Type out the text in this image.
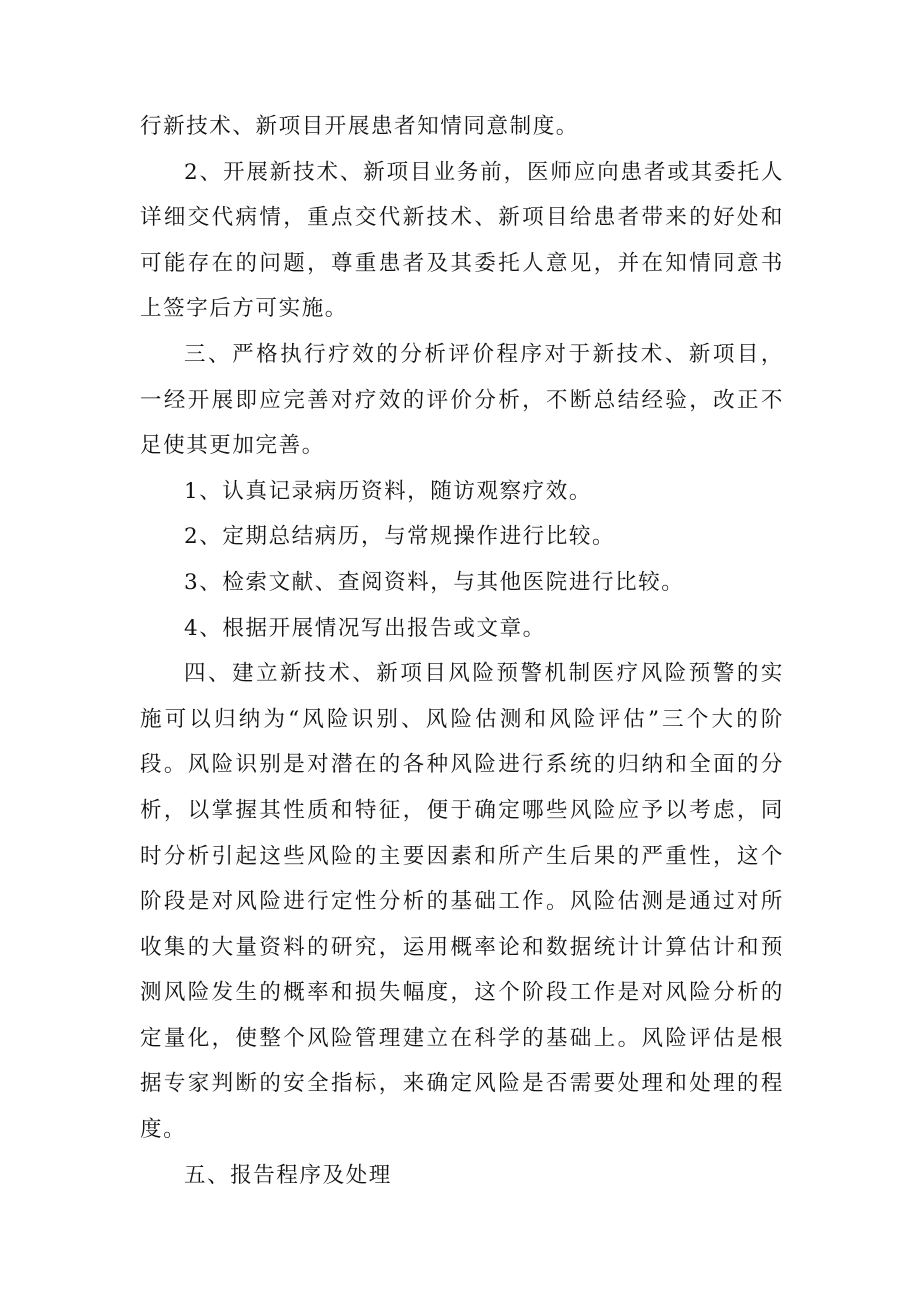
行新技术、新项目开展患者知情同意制度。

2、开展新技术、新项目业务前，医师应向患者或其委托人详细交代病情，重点交代新技术、新项目给患者带来的好处和可能存在的问题，尊重患者及其委托人意见，并在知情同意书上签字后方可实施。

三、严格执行疗效的分析评价程序对于新技术、新项目，一经开展即应完善对疗效的评价分析，不断总结经验，改正不足使其更加完善。

1、认真记录病历资料，随访观察疗效。

2、定期总结病历，与常规操作进行比较。

3、检索文献、查阅资料，与其他医院进行比较。

4、根据开展情况写出报告或文章。

四、建立新技术、新项目风险预警机制医疗风险预警的实施可以归纳为“风险识别、风险估测和风险评估”三个大的阶段。风险识别是对潜在的各种风险进行系统的归纳和全面的分析，以掌握其性质和特征，便于确定哪些风险应予以考虑，同时分析引起这些风险的主要因素和所产生后果的严重性，这个阶段是对风险进行定性分析的基础工作。风险估测是通过对所收集的大量资料的研究，运用概率论和数据统计计算估计和预测风险发生的概率和损失幅度，这个阶段工作是对风险分析的定量化，使整个风险管理建立在科学的基础上。风险评估是根据专家判断的安全指标，来确定风险是否需要处理和处理的程度。

五、报告程序及处理
